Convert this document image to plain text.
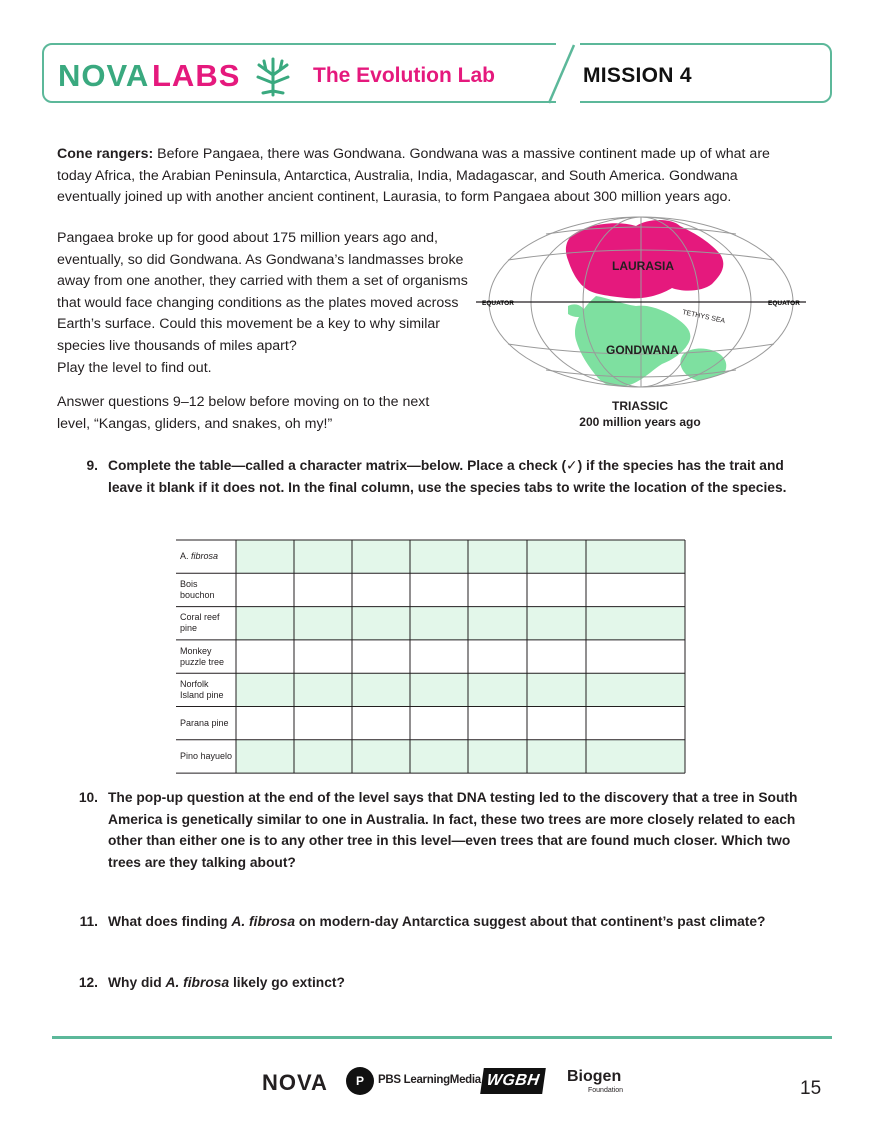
NOVA LABS	The Evolution Lab	MISSION 4
Cone rangers: Before Pangaea, there was Gondwana. Gondwana was a massive continent made up of what are today Africa, the Arabian Peninsula, Antarctica, Australia, India, Madagascar, and South America. Gondwana eventually joined up with another ancient continent, Laurasia, to form Pangaea about 300 million years ago.
Pangaea broke up for good about 175 million years ago and, eventually, so did Gondwana. As Gondwana’s landmasses broke away from one another, they carried with them a set of organisms that would face changing conditions as the plates moved across Earth’s surface. Could this movement be a key to why similar species live thousands of miles apart?
Play the level to find out.
Answer questions 9–12 below before moving on to the next level, “Kangas, gliders, and snakes, oh my!”
EQUATOR	EQUATOR
LAURASIA
GONDWANA
TETHYS SEA
TRIASSIC
200 million years ago
9. Complete the table—called a character matrix—below. Place a check (✓) if the species has the trait and leave it blank if it does not. In the final column, use the species tabs to write the location of the species.
A. fibrosa
Bois bouchon
Coral reef pine
Monkey puzzle tree
Norfolk Island pine
Parana pine
Pino hayuelo
10. The pop-up question at the end of the level says that DNA testing led to the discovery that a tree in South America is genetically similar to one in Australia. In fact, these two trees are more closely related to each other than either one is to any other tree in this level—even trees that are found much closer. Which two trees are they talking about?
11. What does finding A. fibrosa on modern-day Antarctica suggest about that continent’s past climate?
12. Why did A. fibrosa likely go extinct?
NOVA	P	PBS LearningMedia WGBH	Biogen
Foundation	15
